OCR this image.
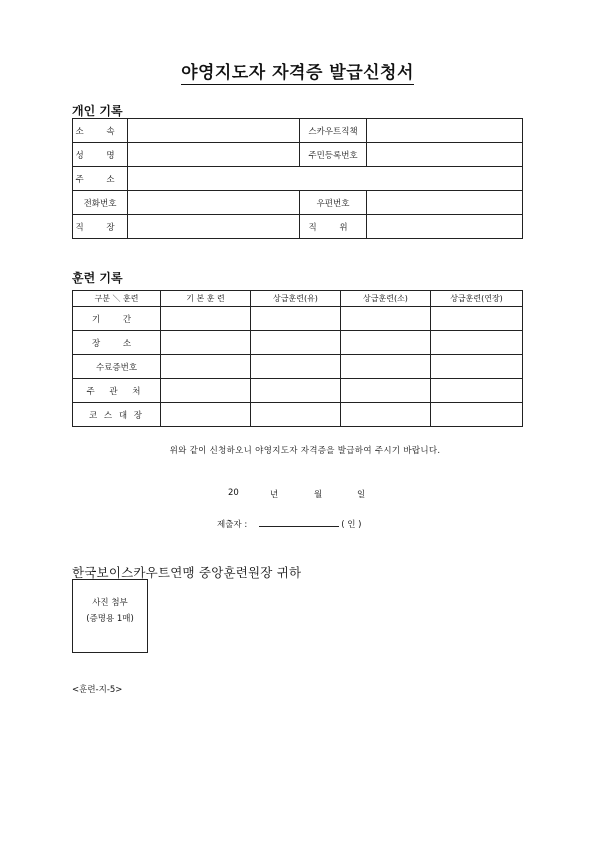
야영지도자 자격증 발급신청서
개인 기록
소 속		스카우트직책	
성 명		주민등록번호	
주 소			
전화번호		우편번호	
직 장		직 위	
훈련 기록
구분 ＼ 훈련	기 본 훈 련	상급훈련(유)	상급훈련(소)	상급훈련(연장)
기 간				
장 소				
수료증번호				
주 관 처				
코 스 대 장				
위와 같이 신청하오니 야영지도자 자격증을 발급하여 주시기 바랍니다.
20	년	월	일
제출자 :	( 인 )
한국보이스카우트연맹 중앙훈련원장 귀하
사진 첨부
(증명용 1매)
<훈련-지-5>
